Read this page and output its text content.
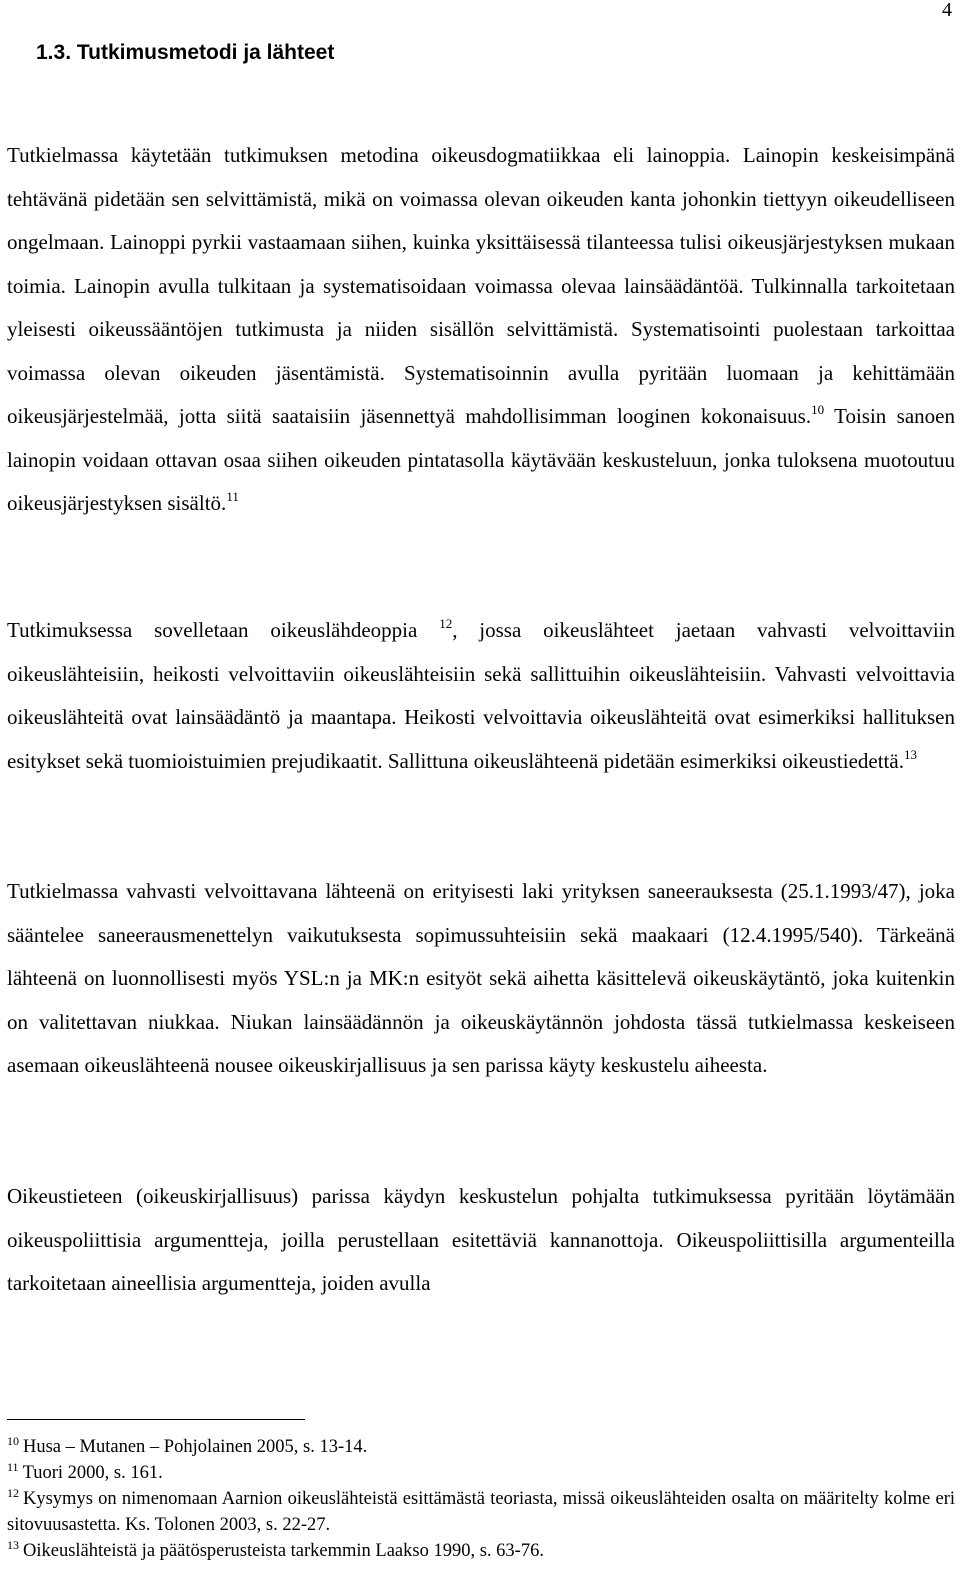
4
1.3. Tutkimusmetodi ja lähteet

Tutkielmassa käytetään tutkimuksen metodina oikeusdogmatiikkaa eli lainoppia. Lainopin keskeisimpänä tehtävänä pidetään sen selvittämistä, mikä on voimassa olevan oikeuden kanta johonkin tiettyyn oikeudelliseen ongelmaan. Lainoppi pyrkii vastaamaan siihen, kuinka yksittäisessä tilanteessa tulisi oikeusjärjestyksen mukaan toimia. Lainopin avulla tulkitaan ja systematisoidaan voimassa olevaa lainsäädäntöä. Tulkinnalla tarkoitetaan yleisesti oikeussääntöjen tutkimusta ja niiden sisällön selvittämistä. Systematisointi puolestaan tarkoittaa voimassa olevan oikeuden jäsentämistä. Systematisoinnin avulla pyritään luomaan ja kehittämään oikeusjärjestelmää, jotta siitä saataisiin jäsennettyä mahdollisimman looginen kokonaisuus.$^{10}$ Toisin sanoen lainopin voidaan ottavan osaa siihen oikeuden pintatasolla käytävään keskusteluun, jonka tuloksena muotoutuu oikeusjärjestyksen sisältö.$^{11}$

Tutkimuksessa sovelletaan oikeuslähdeoppia $^{12}$, jossa oikeuslähteet jaetaan vahvasti velvoittaviin oikeuslähteisiin, heikosti velvoittaviin oikeuslähteisiin sekä sallittuihin oikeuslähteisiin. Vahvasti velvoittavia oikeuslähteitä ovat lainsäädäntö ja maantapa. Heikosti velvoittavia oikeuslähteitä ovat esimerkiksi hallituksen esitykset sekä tuomioistuimien prejudikaatit. Sallittuna oikeuslähteenä pidetään esimerkiksi oikeustiedettä.$^{13}$

Tutkielmassa vahvasti velvoittavana lähteenä on erityisesti laki yrityksen saneerauksesta (25.1.1993/47), joka sääntelee saneerausmenettelyn vaikutuksesta sopimussuhteisiin sekä maakaari (12.4.1995/540). Tärkeänä lähteenä on luonnollisesti myös YSL:n ja MK:n esityöt sekä aihetta käsittelevä oikeuskäytäntö, joka kuitenkin on valitettavan niukkaa. Niukan lainsäädännön ja oikeuskäytännön johdosta tässä tutkielmassa keskeiseen asemaan oikeuslähteenä nousee oikeuskirjallisuus ja sen parissa käyty keskustelu aiheesta.

Oikeustieteen (oikeuskirjallisuus) parissa käydyn keskustelun pohjalta tutkimuksessa pyritään löytämään oikeuspoliittisia argumentteja, joilla perustellaan esitettäviä kannanottoja. Oikeuspoliittisilla argumenteilla tarkoitetaan aineellisia argumentteja, joiden avulla

$^{10}$ Husa – Mutanen – Pohjolainen 2005, s. 13-14.

$^{11}$ Tuori 2000, s. 161.

$^{12}$ Kysymys on nimenomaan Aarnion oikeuslähteistä esittämästä teoriasta, missä oikeuslähteiden osalta on määritelty kolme eri sitovuusastetta. Ks. Tolonen 2003, s. 22-27.

$^{13}$ Oikeuslähteistä ja päätösperusteista tarkemmin Laakso 1990, s. 63-76.
